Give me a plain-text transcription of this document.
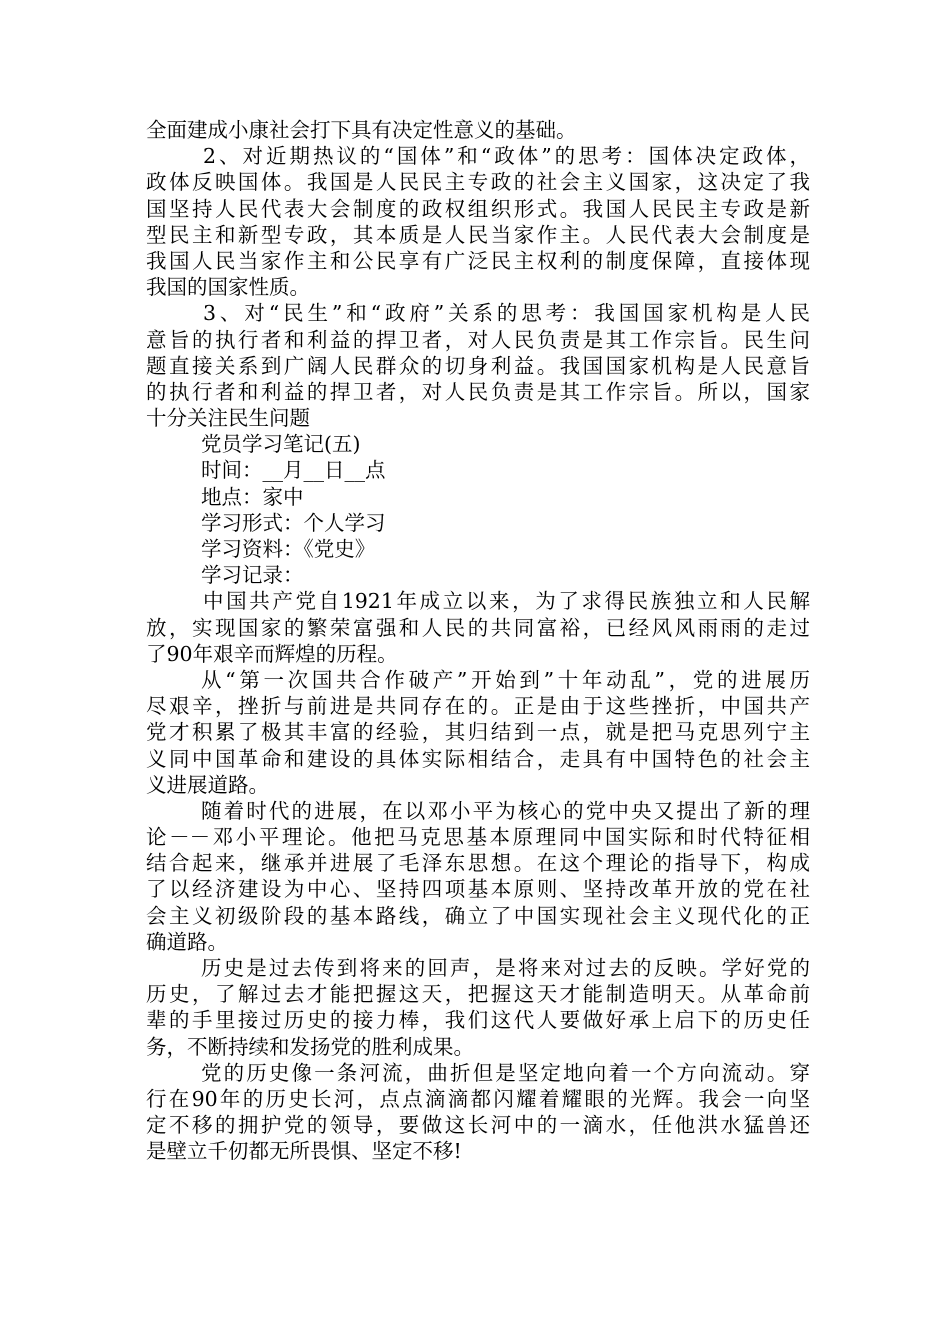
全面建成小康社会打下具有决定性意义的基础。
2、对近期热议的“国体”和“政体”的思考：国体决定政体，
政体反映国体。我国是人民民主专政的社会主义国家，这决定了我
国坚持人民代表大会制度的政权组织形式。我国人民民主专政是新
型民主和新型专政，其本质是人民当家作主。人民代表大会制度是
我国人民当家作主和公民享有广泛民主权利的制度保障，直接体现
我国的国家性质。
3、对“民生”和“政府”关系的思考：我国国家机构是人民
意旨的执行者和利益的捍卫者，对人民负责是其工作宗旨。民生问
题直接关系到广阔人民群众的切身利益。我国国家机构是人民意旨
的执行者和利益的捍卫者，对人民负责是其工作宗旨。所以，国家
十分关注民生问题
党员学习笔记(五)
时间：__月__日__点
地点：家中
学习形式：个人学习
学习资料：《党史》
学习记录：
中国共产党自1921年成立以来，为了求得民族独立和人民解
放，实现国家的繁荣富强和人民的共同富裕，已经风风雨雨的走过
了90年艰辛而辉煌的历程。
从“第一次国共合作破产”开始到”十年动乱”，党的进展历
尽艰辛，挫折与前进是共同存在的。正是由于这些挫折，中国共产
党才积累了极其丰富的经验，其归结到一点，就是把马克思列宁主
义同中国革命和建设的具体实际相结合，走具有中国特色的社会主
义进展道路。
随着时代的进展，在以邓小平为核心的党中央又提出了新的理
论－－邓小平理论。他把马克思基本原理同中国实际和时代特征相
结合起来，继承并进展了毛泽东思想。在这个理论的指导下，构成
了以经济建设为中心、坚持四项基本原则、坚持改革开放的党在社
会主义初级阶段的基本路线，确立了中国实现社会主义现代化的正
确道路。
历史是过去传到将来的回声，是将来对过去的反映。学好党的
历史，了解过去才能把握这天，把握这天才能制造明天。从革命前
辈的手里接过历史的接力棒，我们这代人要做好承上启下的历史任
务，不断持续和发扬党的胜利成果。
党的历史像一条河流，曲折但是坚定地向着一个方向流动。穿
行在90年的历史长河，点点滴滴都闪耀着耀眼的光辉。我会一向坚
定不移的拥护党的领导，要做这长河中的一滴水，任他洪水猛兽还
是壁立千仞都无所畏惧、坚定不移!
